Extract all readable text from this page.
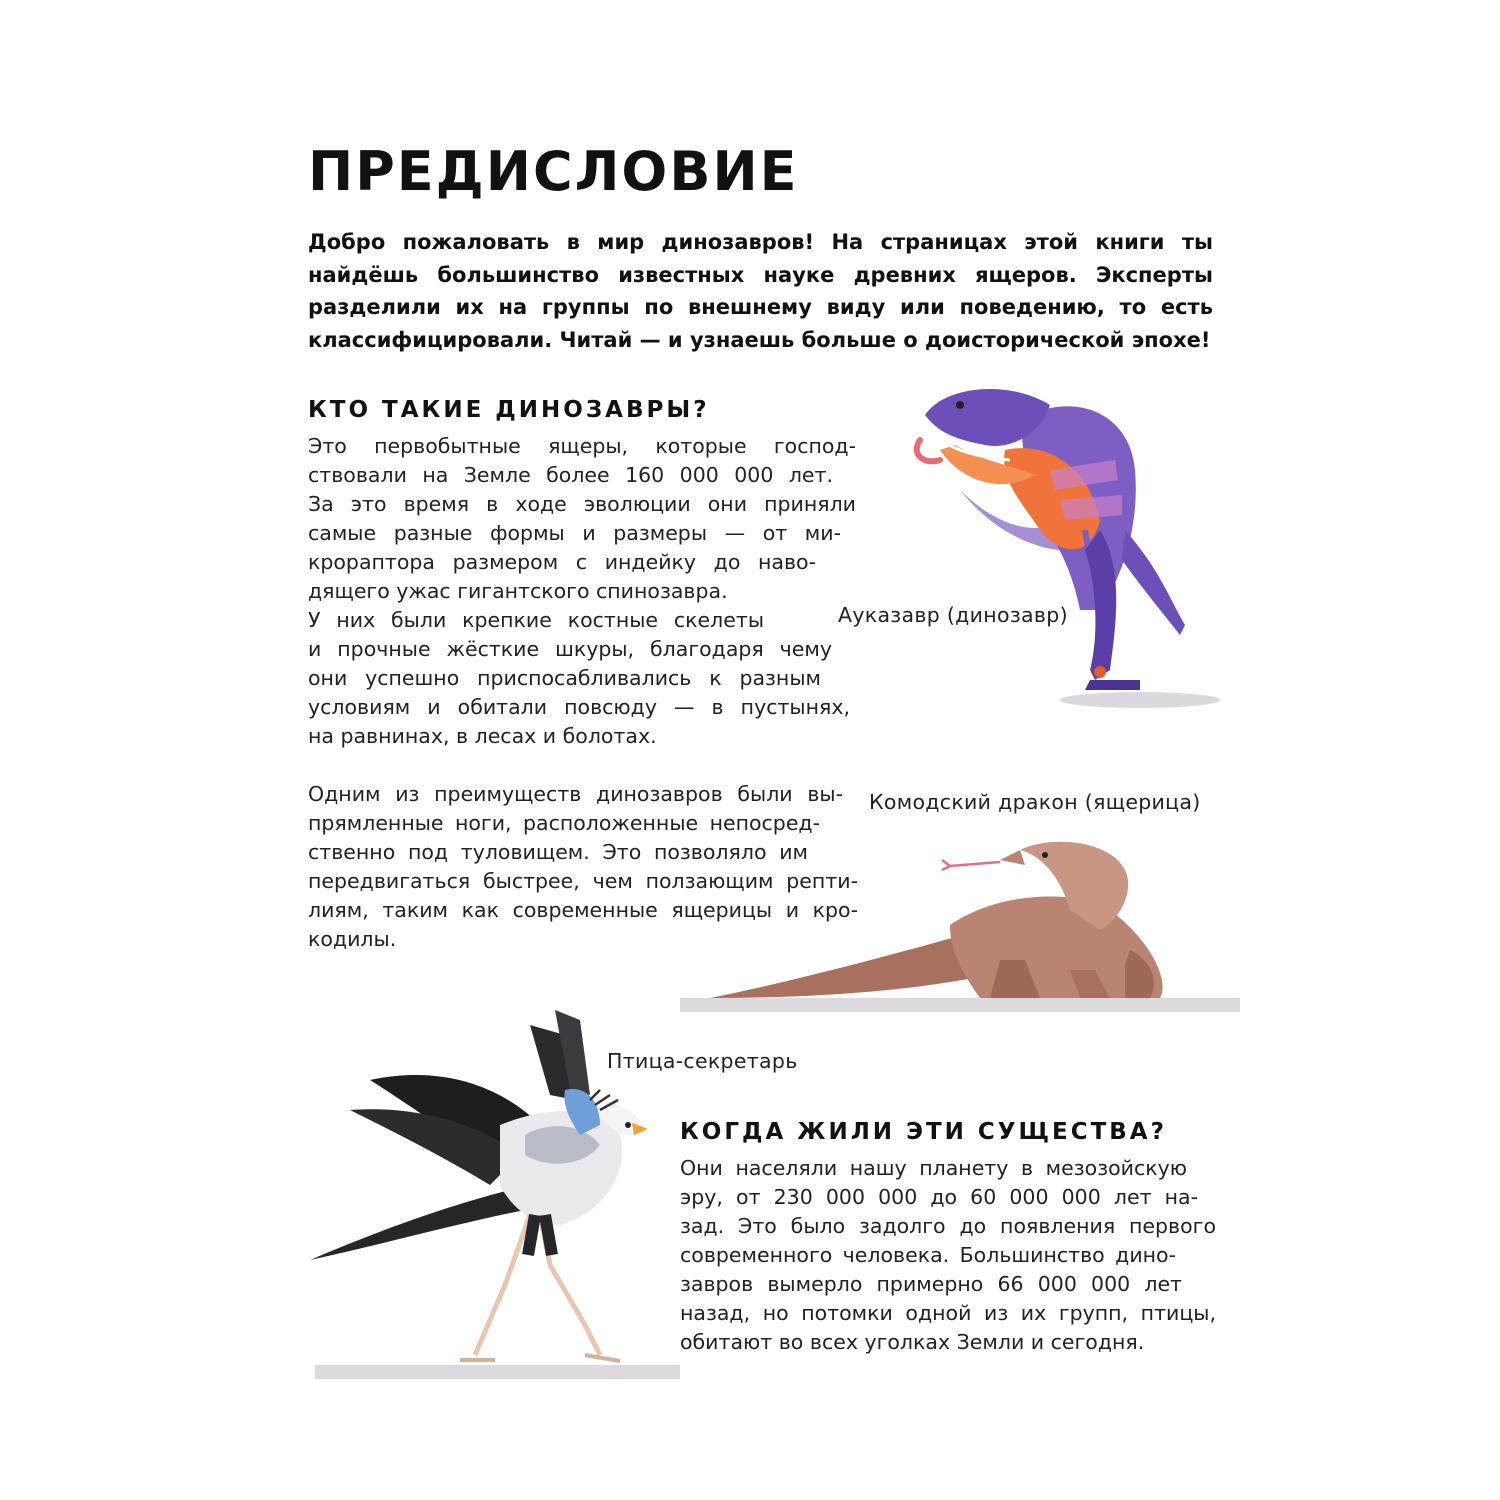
ПРЕДИСЛОВИЕ

Добро пожаловать в мир динозавров! На страницах этой книги ты найдёшь большинство известных науке древних ящеров. Эксперты разделили их на группы по внешнему виду или поведению, то есть классифицировали. Читай — и узнаешь больше о доисторической эпохе!

КТО ТАКИЕ ДИНОЗАВРЫ?
Это первобытные ящеры, которые господ-
ствовали на Земле более 160 000 000 лет.
За это время в ходе эволюции они приняли
самые разные формы и размеры — от ми-
крораптора размером с индейку до наво-
дящего ужас гигантского спинозавра.
У них были крепкие костные скелеты
и прочные жёсткие шкуры, благодаря чему
они успешно приспосабливались к разным
условиям и обитали повсюду — в пустынях,
на равнинах, в лесах и болотах.
Одним из преимуществ динозавров были вы-
прямленные ноги, расположенные непосред-
ственно под туловищем. Это позволяло им
передвигаться быстрее, чем ползающим репти-
лиям, таким как современные ящерицы и кро-
кодилы.
КОГДА ЖИЛИ ЭТИ СУЩЕСТВА?
Они населяли нашу планету в мезозойскую
эру, от 230 000 000 до 60 000 000 лет на-
зад. Это было задолго до появления первого
современного человека. Большинство дино-
завров вымерло примерно 66 000 000 лет
назад, но потомки одной из их групп, птицы,
обитают во всех уголках Земли и сегодня.
Ауказавр (динозавр)
Комодский дракон (ящерица)
Птица-секретарь
